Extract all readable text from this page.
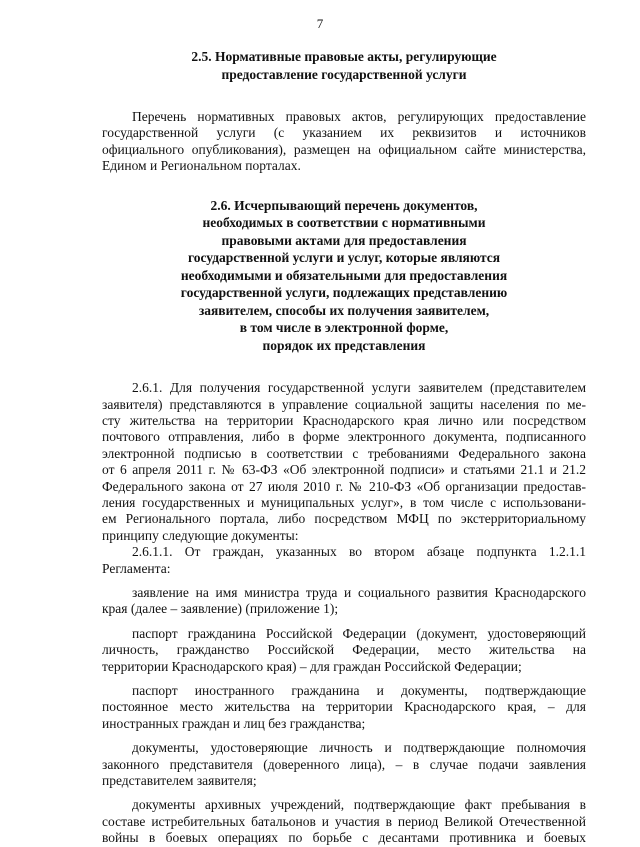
7
2.5. Нормативные правовые акты, регулирующие
предоставление государственной услуги
Перечень нормативных правовых актов, регулирующих предоставление
государственной услуги (с указанием их реквизитов и источников
официального опубликования), размещен на официальном сайте министерства,
Едином и Региональном порталах.
2.6. Исчерпывающий перечень документов,
необходимых в соответствии с нормативными
правовыми актами для предоставления
государственной услуги и услуг, которые являются
необходимыми и обязательными для предоставления
государственной услуги, подлежащих представлению
заявителем, способы их получения заявителем,
в том числе в электронной форме,
порядок их представления
2.6.1. Для получения государственной услуги заявителем (представителем
заявителя) представляются в управление социальной защиты населения по ме-
сту жительства на территории Краснодарского края лично или посредством
почтового отправления, либо в форме электронного документа, подписанного
электронной подписью в соответствии с требованиями Федерального закона
от 6 апреля 2011 г. № 63-ФЗ «Об электронной подписи» и статьями 21.1 и 21.2
Федерального закона от 27 июля 2010 г. № 210-ФЗ «Об организации предостав-
ления государственных и муниципальных услуг», в том числе с использовани-
ем Регионального портала, либо посредством МФЦ по экстерриториальному
принципу следующие документы:
2.6.1.1. От граждан, указанных во втором абзаце подпункта 1.2.1.1
Регламента:
заявление на имя министра труда и социального развития Краснодарского
края (далее – заявление) (приложение 1);
паспорт гражданина Российской Федерации (документ, удостоверяющий
личность, гражданство Российской Федерации, место жительства на
территории Краснодарского края) – для граждан Российской Федерации;
паспорт иностранного гражданина и документы, подтверждающие
постоянное место жительства на территории Краснодарского края, – для
иностранных граждан и лиц без гражданства;
документы, удостоверяющие личность и подтверждающие полномочия
законного представителя (доверенного лица), – в случае подачи заявления
представителем заявителя;
документы архивных учреждений, подтверждающие факт пребывания в
составе истребительных батальонов и участия в период Великой Отечественной
войны в боевых операциях по борьбе с десантами противника и боевых
